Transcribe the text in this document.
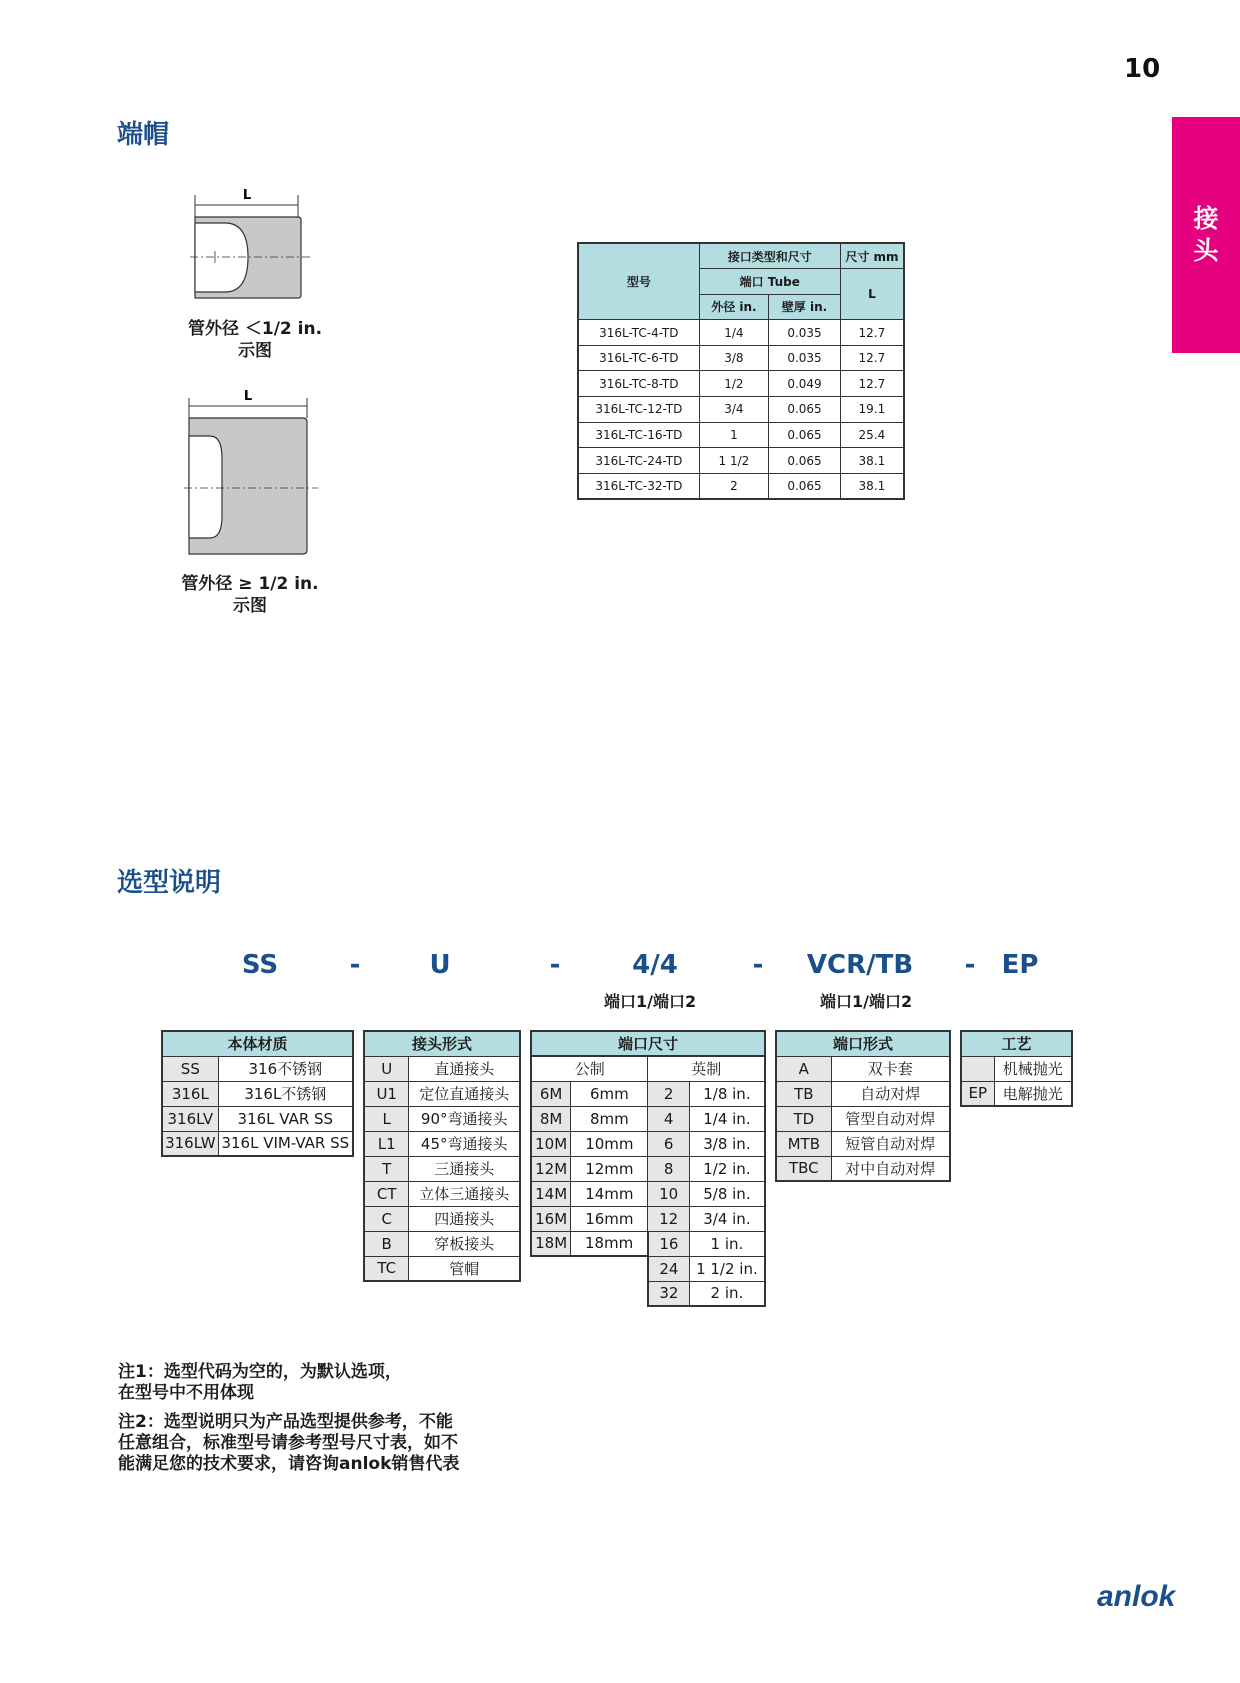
10
接
头
端帽
L
管外径 ＜1/2 in.
示图
L
管外径 ≥ 1/2 in.
示图
型号	接口类型和尺寸		尺寸 mm
	端口 Tube		L
	外径 in.	壁厚 in.	
316L-TC-4-TD	1/4	0.035	12.7
316L-TC-6-TD	3/8	0.035	12.7
316L-TC-8-TD	1/2	0.049	12.7
316L-TC-12-TD	3/4	0.065	19.1
316L-TC-16-TD	1	0.065	25.4
316L-TC-24-TD	1 1/2	0.065	38.1
316L-TC-32-TD	2	0.065	38.1
选型说明
SS	-	U	-	4/4	- VCR/TB - EP
端口1/端口2	端口1/端口2
本体材质	
SS	316不锈钢
316L	316L不锈钢
316LV	316L VAR SS
316LW	316L VIM-VAR SS
接头形式	
U	直通接头
U1	定位直通接头
L	90°弯通接头
L1	45°弯通接头
T	三通接头
CT	立体三通接头
C	四通接头
B	穿板接头
TC	管帽
端口尺寸			
公制		英制	
6M	6mm	2	1/8 in.
8M	8mm	4	1/4 in.
10M	10mm	6	3/8 in.
12M	12mm	8	1/2 in.
14M	14mm	10	5/8 in.
16M	16mm	12	3/4 in.
18M	18mm	16	1 in.
		24	1 1/2 in.
		32	2 in.
端口形式	
A	双卡套
TB	自动对焊
TD	管型自动对焊
MTB	短管自动对焊
TBC	对中自动对焊
工艺	
	机械抛光
EP	电解抛光
注1：选型代码为空的，为默认选项，
在型号中不用体现
注2：选型说明只为产品选型提供参考，不能
任意组合，标准型号请参考型号尺寸表，如不
能满足您的技术要求，请咨询anlok销售代表
anlok
